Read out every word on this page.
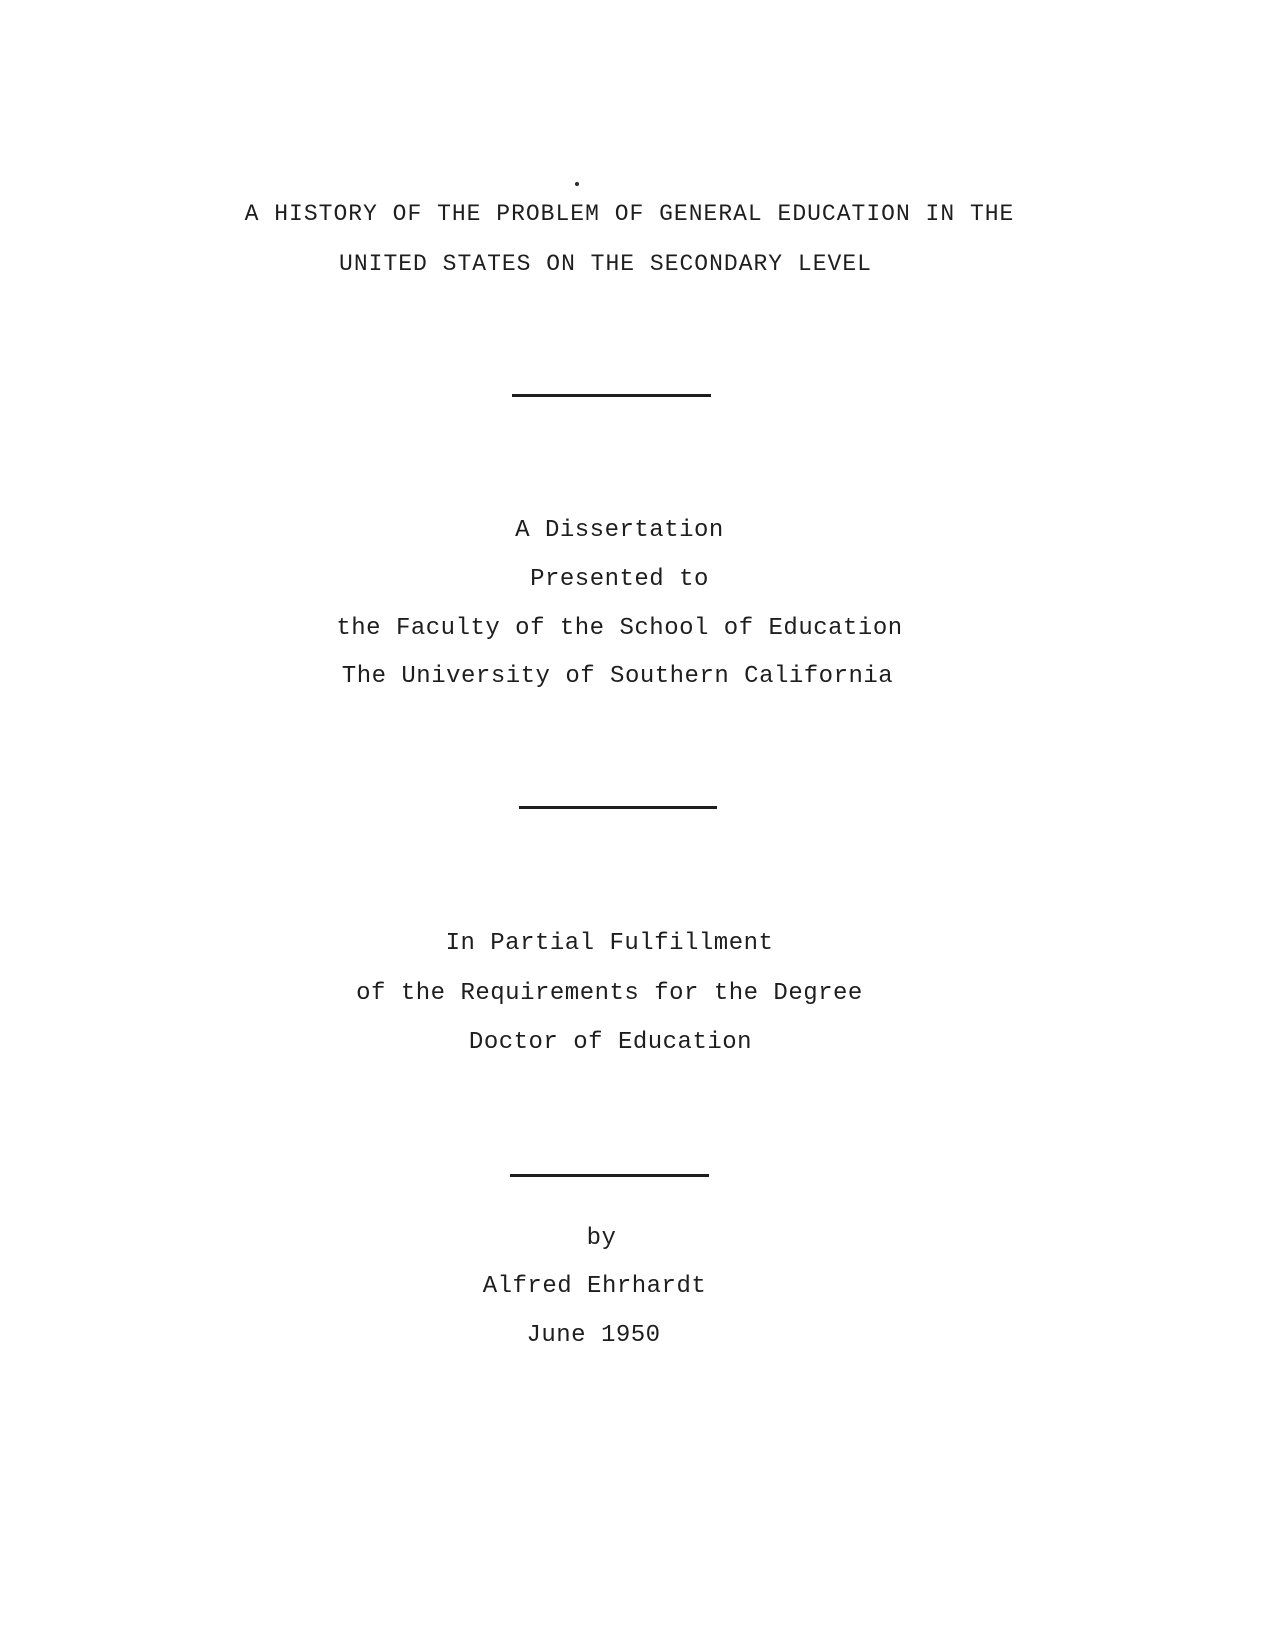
A HISTORY OF THE PROBLEM OF GENERAL EDUCATION IN THE
UNITED STATES ON THE SECONDARY LEVEL
A Dissertation
Presented to
the Faculty of the School of Education
The University of Southern California
In Partial Fulfillment
of the Requirements for the Degree
Doctor of Education
by
Alfred Ehrhardt
June 1950
